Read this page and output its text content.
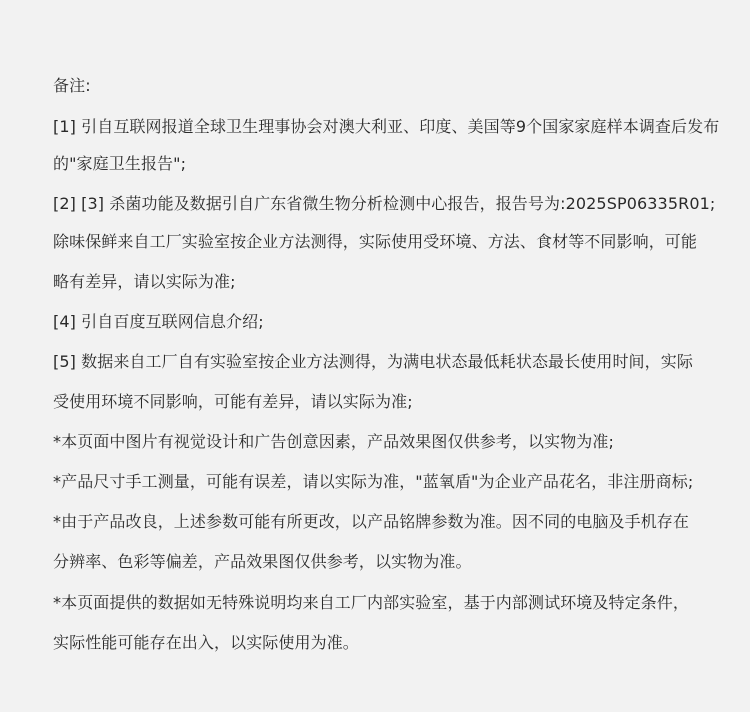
备注:

[1] 引自互联网报道全球卫生理事协会对澳大利亚、印度、美国等9个国家家庭样本调查后发布

的"家庭卫生报告";

[2] [3] 杀菌功能及数据引自广东省微生物分析检测中心报告，报告号为:2025SP06335R01;

除味保鲜来自工厂实验室按企业方法测得，实际使用受环境、方法、食材等不同影响，可能

略有差异，请以实际为准;

[4] 引自百度互联网信息介绍;

[5] 数据来自工厂自有实验室按企业方法测得，为满电状态最低耗状态最长使用时间，实际

受使用环境不同影响，可能有差异，请以实际为准;

*本页面中图片有视觉设计和广告创意因素，产品效果图仅供参考，以实物为准;

*产品尺寸手工测量，可能有误差，请以实际为准，"蓝氧盾"为企业产品花名，非注册商标;

*由于产品改良，上述参数可能有所更改，以产品铭牌参数为准。因不同的电脑及手机存在

分辨率、色彩等偏差，产品效果图仅供参考，以实物为准。

*本页面提供的数据如无特殊说明均来自工厂内部实验室，基于内部测试环境及特定条件，

实际性能可能存在出入，以实际使用为准。
